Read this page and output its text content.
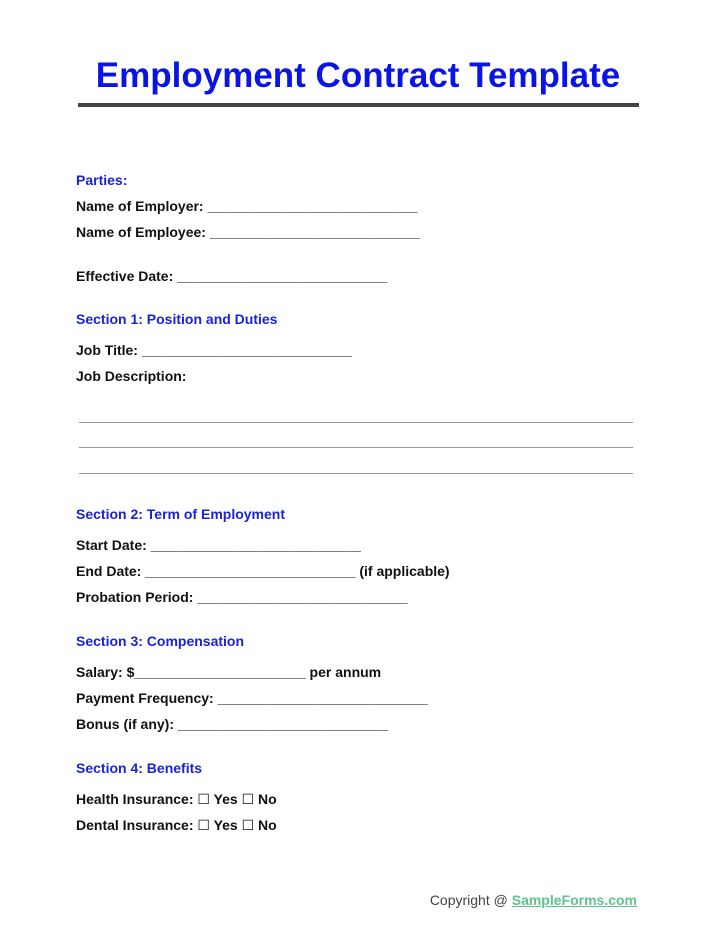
Employment Contract Template
Parties:
Name of Employer: ___________________________
Name of Employee: ___________________________
Effective Date: ___________________________
Section 1: Position and Duties
Job Title: ___________________________
Job Description:
Section 2: Term of Employment
Start Date: ___________________________
End Date: ___________________________ (if applicable)
Probation Period: ___________________________
Section 3: Compensation
Salary: $______________________ per annum
Payment Frequency: ___________________________
Bonus (if any): ___________________________
Section 4: Benefits
Health Insurance: ☐ Yes ☐ No
Dental Insurance: ☐ Yes ☐ No
Copyright @ SampleForms.com
